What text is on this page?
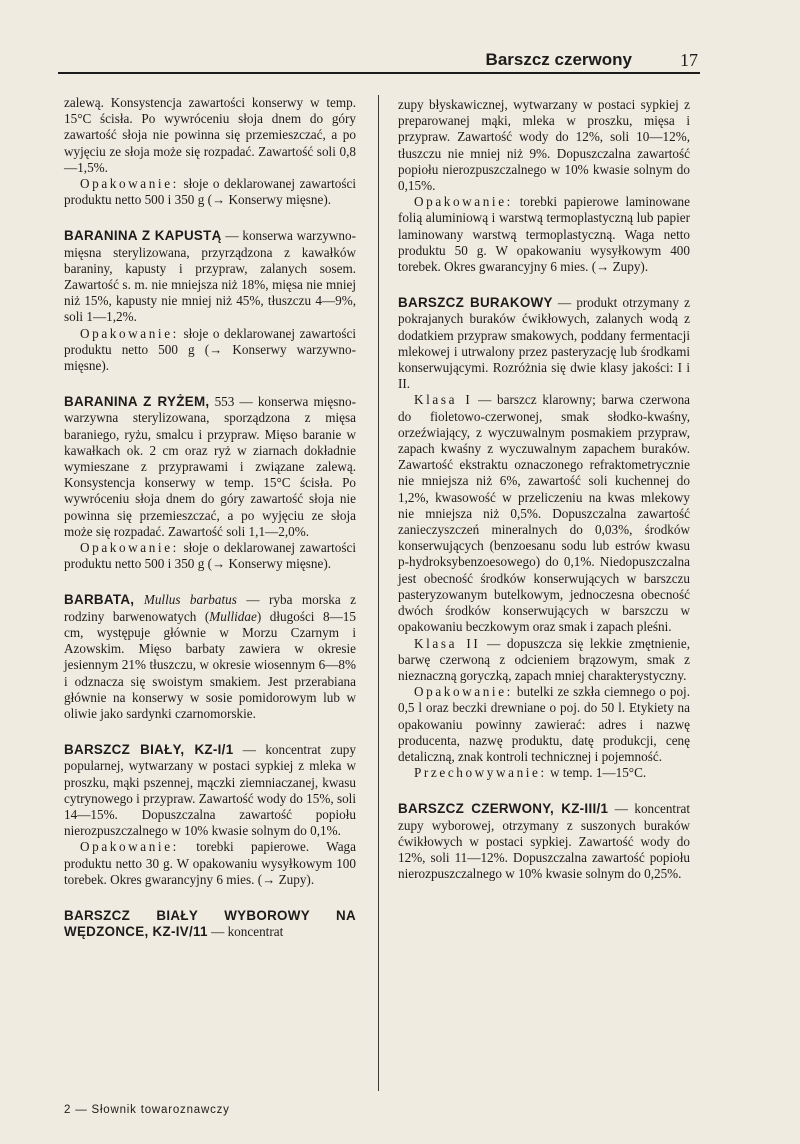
Barszcz czerwony	17

zalewą. Konsystencja zawartości konserwy w temp. 15°C ścisła. Po wywróceniu słoja dnem do góry zawartość słoja nie powinna się przemieszczać, a po wyjęciu ze słoja może się rozpadać. Zawartość soli 0,8—1,5%.

Opakowanie: słoje o deklarowanej zawartości produktu netto 500 i 350 g (→ Konserwy mięsne).

BARANINA Z KAPUSTĄ — konserwa warzywno-mięsna sterylizowana, przyrządzona z kawałków baraniny, kapusty i przypraw, zalanych sosem. Zawartość s. m. nie mniejsza niż 18%, mięsa nie mniej niż 15%, kapusty nie mniej niż 45%, tłuszczu 4—9%, soli 1—1,2%.

Opakowanie: słoje o deklarowanej zawartości produktu netto 500 g (→ Konserwy warzywno-mięsne).

BARANINA Z RYŻEM, 553 — konserwa mięsno-warzywna sterylizowana, sporządzona z mięsa baraniego, ryżu, smalcu i przypraw. Mięso baranie w kawałkach ok. 2 cm oraz ryż w ziarnach dokładnie wymieszane z przyprawami i związane zalewą. Konsystencja konserwy w temp. 15°C ścisła. Po wywróceniu słoja dnem do góry zawartość słoja nie powinna się przemieszczać, a po wyjęciu ze słoja może się rozpadać. Zawartość soli 1,1—2,0%.

Opakowanie: słoje o deklarowanej zawartości produktu netto 500 i 350 g (→ Konserwy mięsne).

BARBATA, Mullus barbatus — ryba morska z rodziny barwenowatych (Mullidae) długości 8—15 cm, występuje głównie w Morzu Czarnym i Azowskim. Mięso barbaty zawiera w okresie jesiennym 21% tłuszczu, w okresie wiosennym 6—8% i odznacza się swoistym smakiem. Jest przerabiana głównie na konserwy w sosie pomidorowym lub w oliwie jako sardynki czarnomorskie.

BARSZCZ BIAŁY, KZ-I/1 — koncentrat zupy popularnej, wytwarzany w postaci sypkiej z mleka w proszku, mąki pszennej, mączki ziemniaczanej, kwasu cytrynowego i przypraw. Zawartość wody do 15%, soli 14—15%. Dopuszczalna zawartość popiołu nierozpuszczalnego w 10% kwasie solnym do 0,1%.

Opakowanie: torebki papierowe. Waga produktu netto 30 g. W opakowaniu wysyłkowym 100 torebek. Okres gwarancyjny 6 mies. (→ Zupy).

BARSZCZ BIAŁY WYBOROWY NA WĘDZONCE, KZ-IV/11 — koncentrat

zupy błyskawicznej, wytwarzany w postaci sypkiej z preparowanej mąki, mleka w proszku, mięsa i przypraw. Zawartość wody do 12%, soli 10—12%, tłuszczu nie mniej niż 9%. Dopuszczalna zawartość popiołu nierozpuszczalnego w 10% kwasie solnym do 0,15%.

Opakowanie: torebki papierowe laminowane folią aluminiową i warstwą termoplastyczną lub papier laminowany warstwą termoplastyczną. Waga netto produktu 50 g. W opakowaniu wysyłkowym 400 torebek. Okres gwarancyjny 6 mies. (→ Zupy).

BARSZCZ BURAKOWY — produkt otrzymany z pokrajanych buraków ćwikłowych, zalanych wodą z dodatkiem przypraw smakowych, poddany fermentacji mlekowej i utrwalony przez pasteryzację lub środkami konserwującymi. Rozróżnia się dwie klasy jakości: I i II.

Klasa I — barszcz klarowny; barwa czerwona do fioletowo-czerwonej, smak słodko-kwaśny, orzeźwiający, z wyczuwalnym posmakiem przypraw, zapach kwaśny z wyczuwalnym zapachem buraków. Zawartość ekstraktu oznaczonego refraktometrycznie nie mniejsza niż 6%, zawartość soli kuchennej do 1,2%, kwasowość w przeliczeniu na kwas mlekowy nie mniejsza niż 0,5%. Dopuszczalna zawartość zanieczyszczeń mineralnych do 0,03%, środków konserwujących (benzoesanu sodu lub estrów kwasu p-hydroksybenzoesowego) do 0,1%. Niedopuszczalna jest obecność środków konserwujących w barszczu pasteryzowanym butelkowym, jednoczesna obecność dwóch środków konserwujących w barszczu w opakowaniu beczkowym oraz smak i zapach pleśni.

Klasa II — dopuszcza się lekkie zmętnienie, barwę czerwoną z odcieniem brązowym, smak z nieznaczną goryczką, zapach mniej charakterystyczny.

Opakowanie: butelki ze szkła ciemnego o poj. 0,5 l oraz beczki drewniane o poj. do 50 l. Etykiety na opakowaniu powinny zawierać: adres i nazwę producenta, nazwę produktu, datę produkcji, cenę detaliczną, znak kontroli technicznej i pojemność.

Przechowywanie: w temp. 1—15°C.

BARSZCZ CZERWONY, KZ-III/1 — koncentrat zupy wyborowej, otrzymany z suszonych buraków ćwikłowych w postaci sypkiej. Zawartość wody do 12%, soli 11—12%. Dopuszczalna zawartość popiołu nierozpuszczalnego w 10% kwasie solnym do 0,25%.

2 — Słownik towaroznawczy
